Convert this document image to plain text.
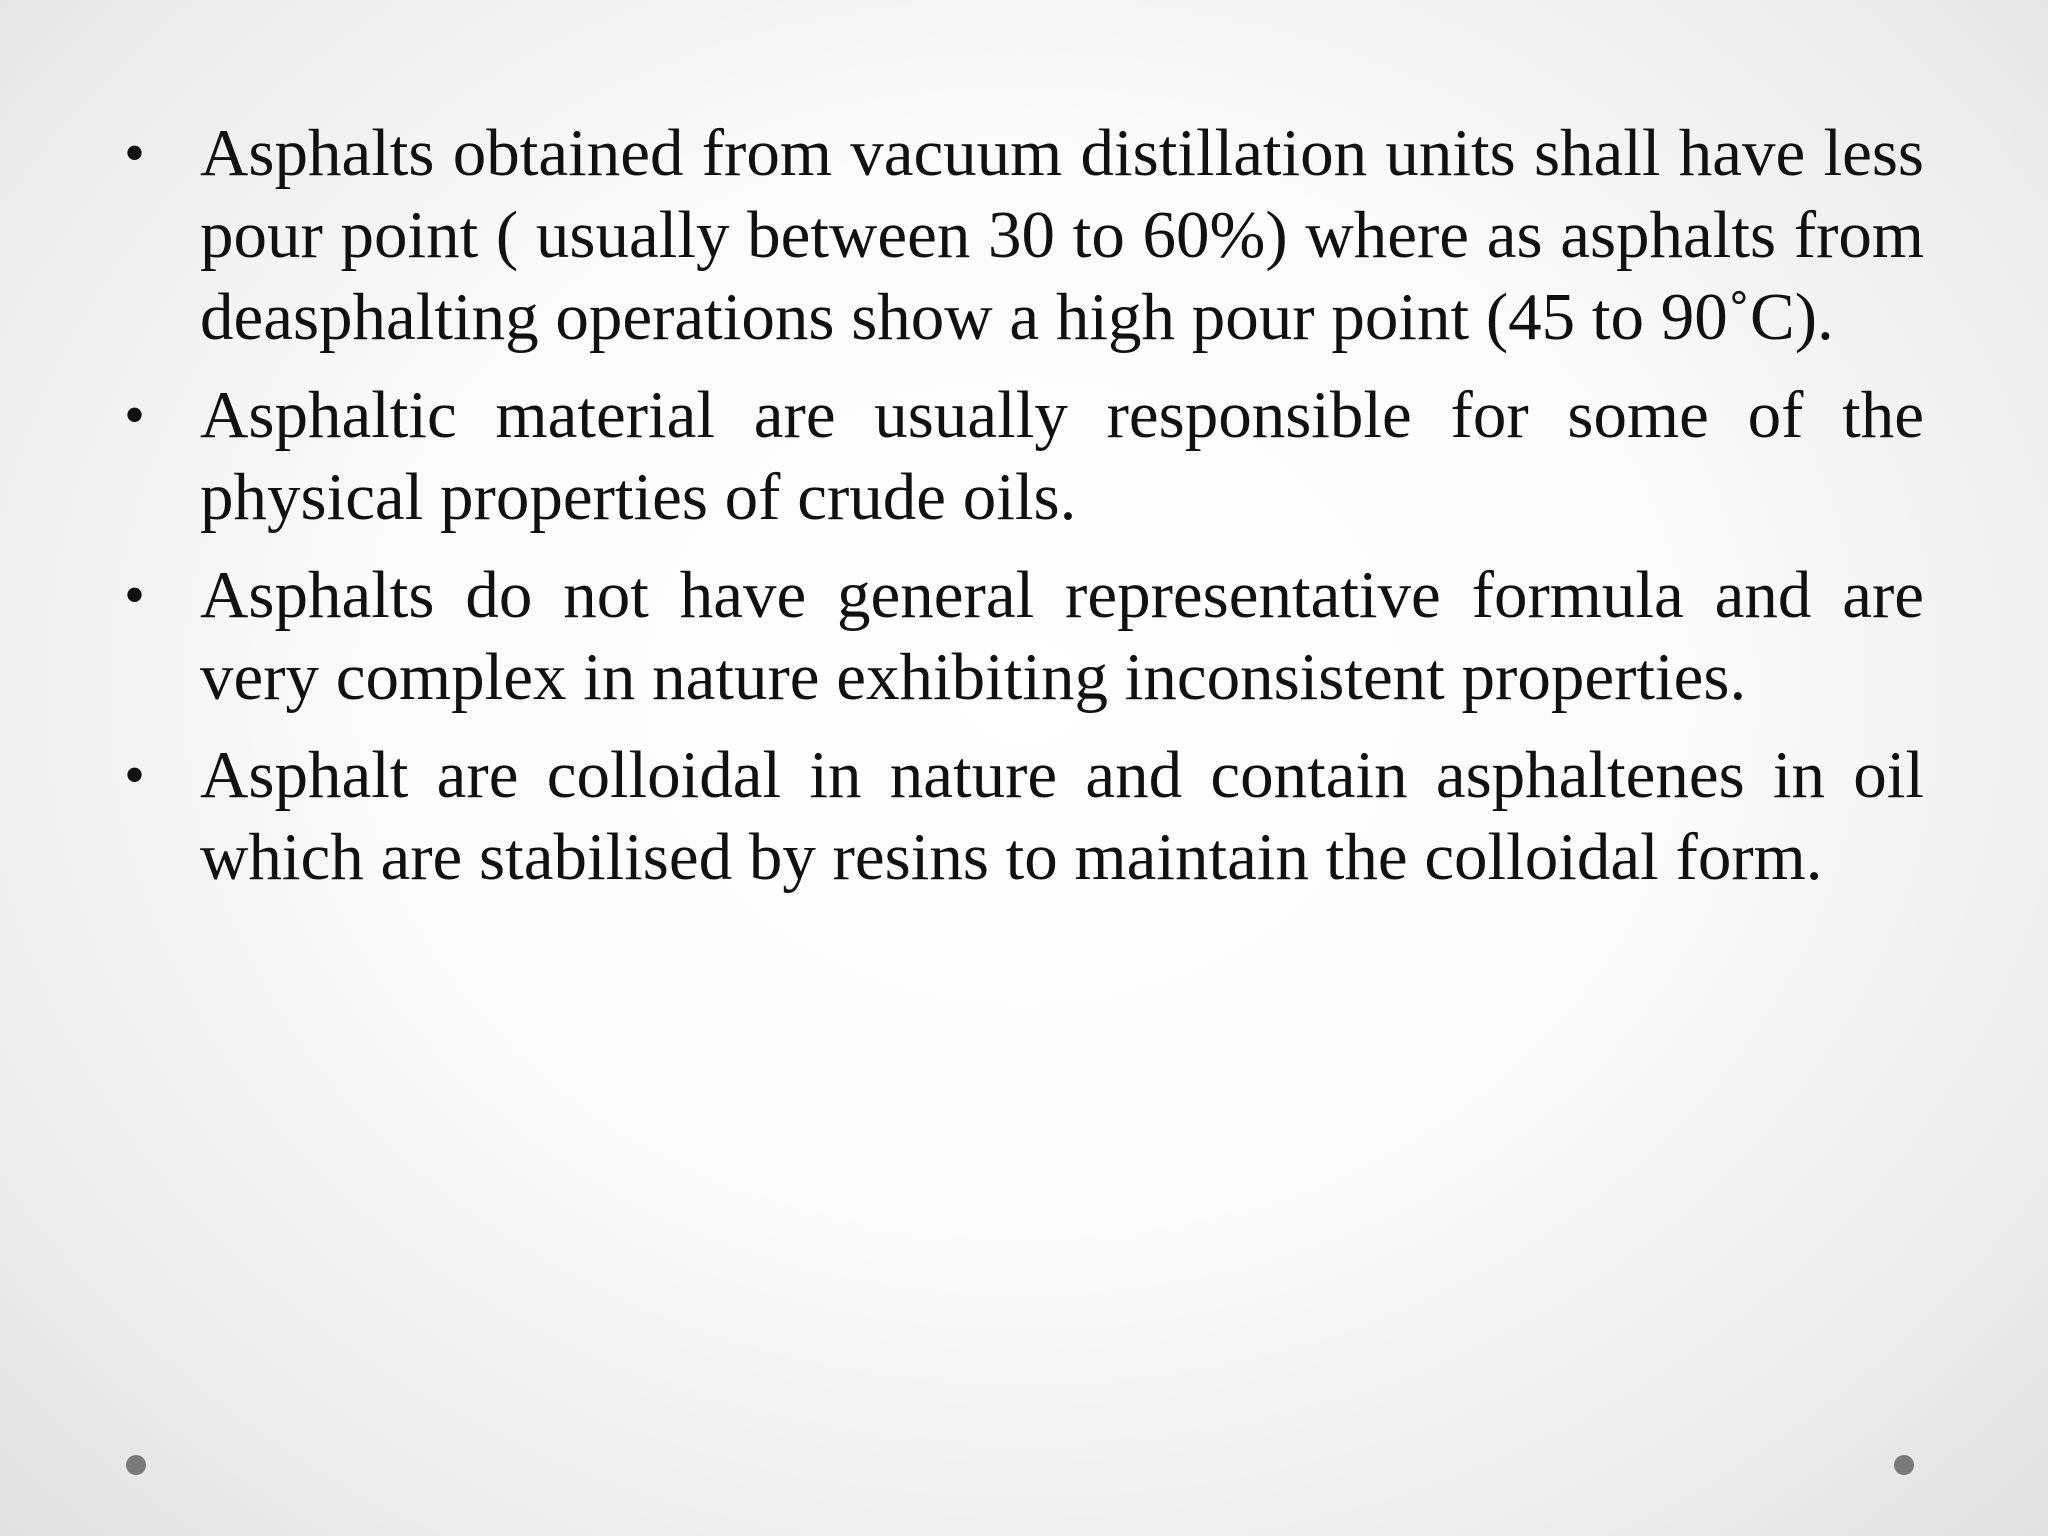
• Asphalts obtained from vacuum distillation units shall have less pour point ( usually between 30 to 60%) where as asphalts from deasphalting operations show a high pour point (45 to 90˚C).
• Asphaltic material are usually responsible for some of the physical properties of crude oils.
• Asphalts do not have general representative formula and are very complex in nature exhibiting inconsistent properties.
• Asphalt are colloidal in nature and contain asphaltenes in oil which are stabilised by resins to maintain the colloidal form.
